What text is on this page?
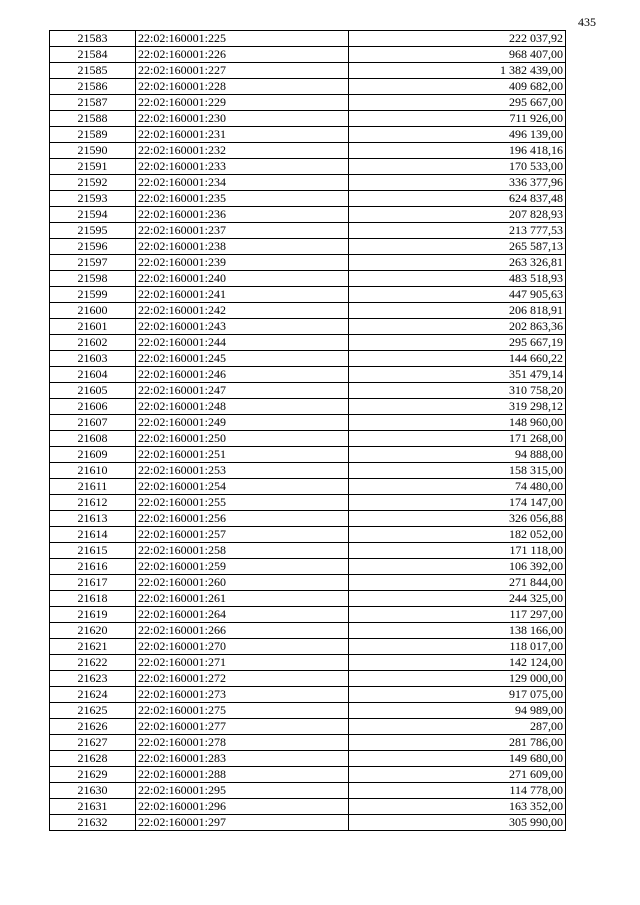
435
21583	22:02:160001:225	222 037,92
21584	22:02:160001:226	968 407,00
21585	22:02:160001:227	1 382 439,00
21586	22:02:160001:228	409 682,00
21587	22:02:160001:229	295 667,00
21588	22:02:160001:230	711 926,00
21589	22:02:160001:231	496 139,00
21590	22:02:160001:232	196 418,16
21591	22:02:160001:233	170 533,00
21592	22:02:160001:234	336 377,96
21593	22:02:160001:235	624 837,48
21594	22:02:160001:236	207 828,93
21595	22:02:160001:237	213 777,53
21596	22:02:160001:238	265 587,13
21597	22:02:160001:239	263 326,81
21598	22:02:160001:240	483 518,93
21599	22:02:160001:241	447 905,63
21600	22:02:160001:242	206 818,91
21601	22:02:160001:243	202 863,36
21602	22:02:160001:244	295 667,19
21603	22:02:160001:245	144 660,22
21604	22:02:160001:246	351 479,14
21605	22:02:160001:247	310 758,20
21606	22:02:160001:248	319 298,12
21607	22:02:160001:249	148 960,00
21608	22:02:160001:250	171 268,00
21609	22:02:160001:251	94 888,00
21610	22:02:160001:253	158 315,00
21611	22:02:160001:254	74 480,00
21612	22:02:160001:255	174 147,00
21613	22:02:160001:256	326 056,88
21614	22:02:160001:257	182 052,00
21615	22:02:160001:258	171 118,00
21616	22:02:160001:259	106 392,00
21617	22:02:160001:260	271 844,00
21618	22:02:160001:261	244 325,00
21619	22:02:160001:264	117 297,00
21620	22:02:160001:266	138 166,00
21621	22:02:160001:270	118 017,00
21622	22:02:160001:271	142 124,00
21623	22:02:160001:272	129 000,00
21624	22:02:160001:273	917 075,00
21625	22:02:160001:275	94 989,00
21626	22:02:160001:277	287,00
21627	22:02:160001:278	281 786,00
21628	22:02:160001:283	149 680,00
21629	22:02:160001:288	271 609,00
21630	22:02:160001:295	114 778,00
21631	22:02:160001:296	163 352,00
21632	22:02:160001:297	305 990,00
